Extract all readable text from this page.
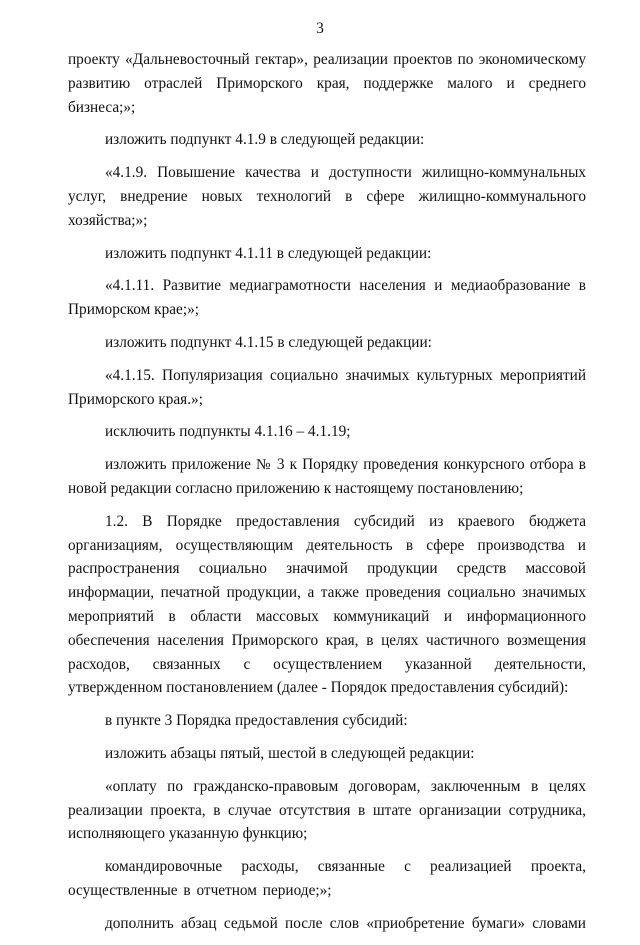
3

проекту «Дальневосточный гектар», реализации проектов по экономическому развитию отраслей Приморского края, поддержке малого и среднего бизнеса;»;

изложить подпункт 4.1.9 в следующей редакции:

«4.1.9. Повышение качества и доступности жилищно-коммунальных услуг, внедрение новых технологий в сфере жилищно-коммунального хозяйства;»;

изложить подпункт 4.1.11 в следующей редакции:

«4.1.11. Развитие медиаграмотности населения и медиаобразование в Приморском крае;»;

изложить подпункт 4.1.15 в следующей редакции:

«4.1.15. Популяризация социально значимых культурных мероприятий Приморского края.»;

исключить подпункты 4.1.16 – 4.1.19;

изложить приложение № 3 к Порядку проведения конкурсного отбора в новой редакции согласно приложению к настоящему постановлению;

1.2. В Порядке предоставления субсидий из краевого бюджета организациям, осуществляющим деятельность в сфере производства и распространения социально значимой продукции средств массовой информации, печатной продукции, а также проведения социально значимых мероприятий в области массовых коммуникаций и информационного обеспечения населения Приморского края, в целях частичного возмещения расходов, связанных с осуществлением указанной деятельности, утвержденном постановлением (далее - Порядок предоставления субсидий):

в пункте 3 Порядка предоставления субсидий:

изложить абзацы пятый, шестой в следующей редакции:

«оплату по гражданско-правовым договорам, заключенным в целях реализации проекта, в случае отсутствия в штате организации сотрудника, исполняющего указанную функцию;

командировочные расходы, связанные с реализацией проекта, осуществленные в отчетном периоде;»;

дополнить абзац седьмой после слов «приобретение бумаги» словами
